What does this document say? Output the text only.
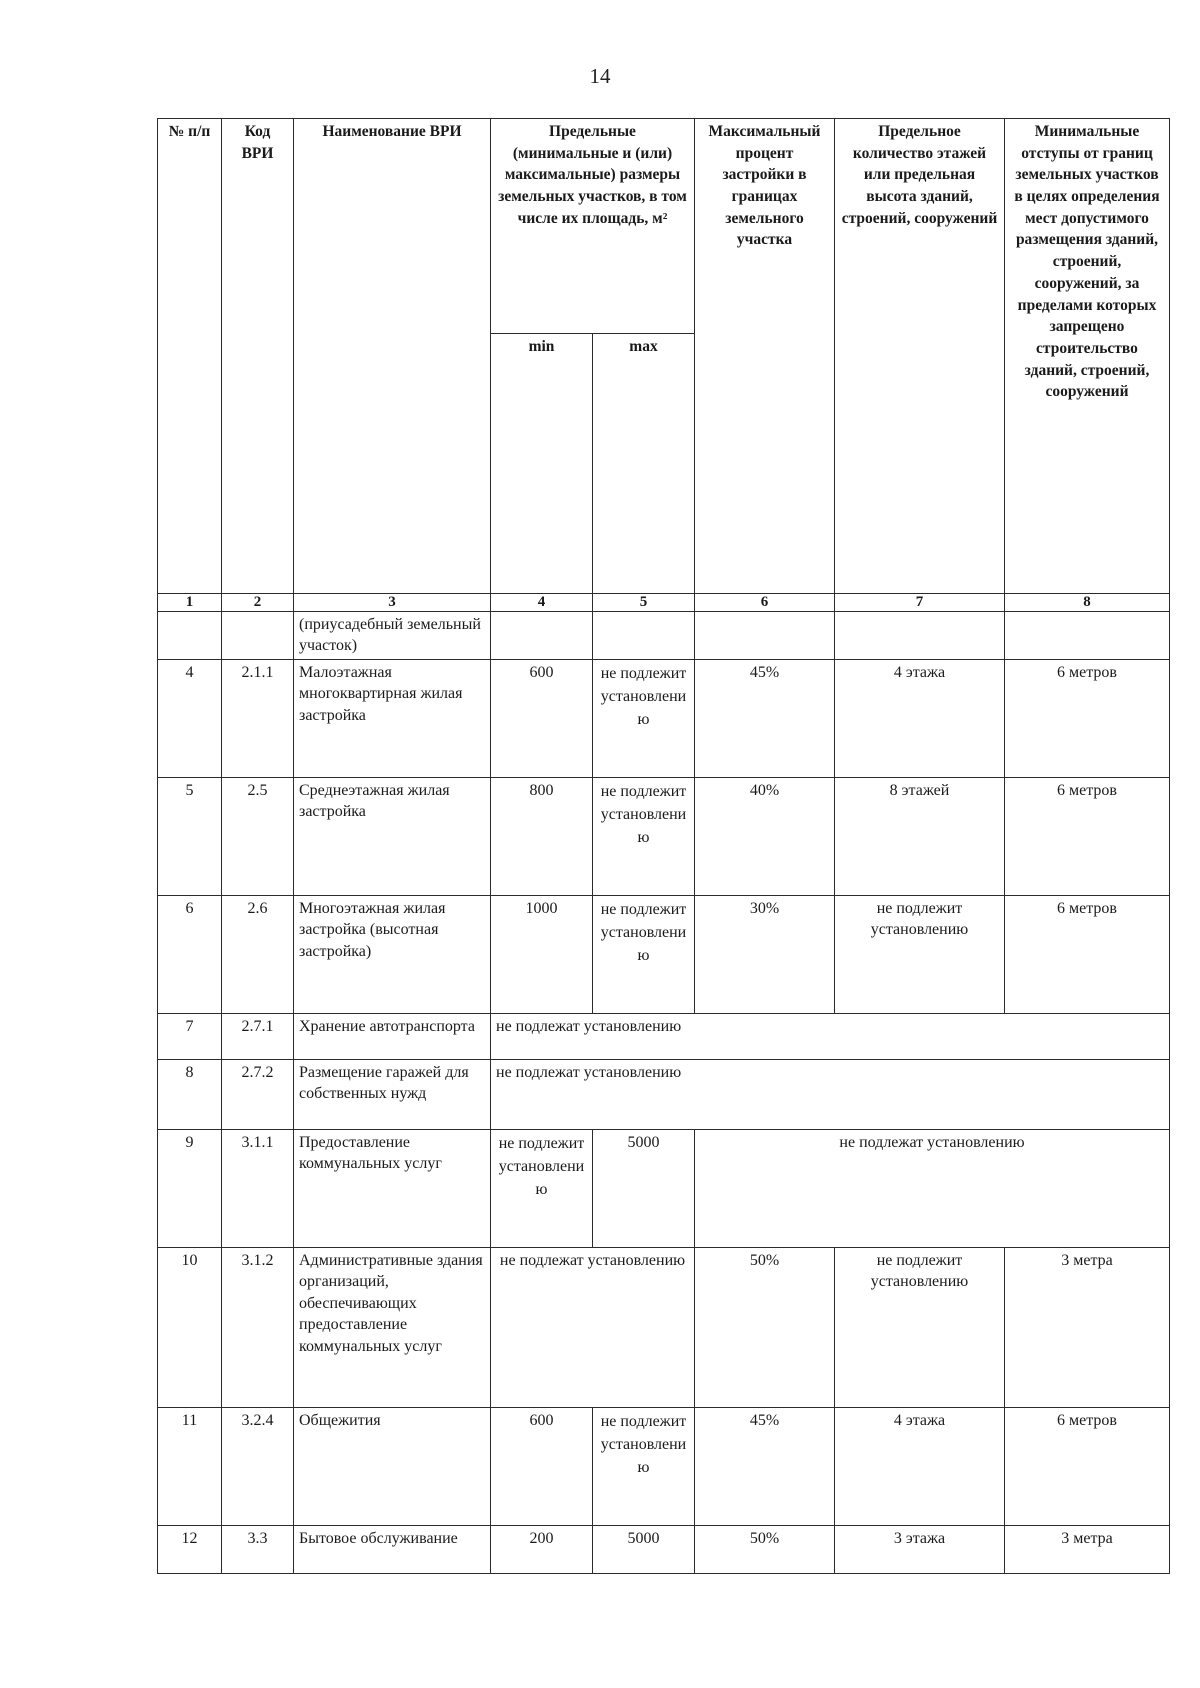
14
№ п/п	Код ВРИ	Наименование ВРИ	Предельные (минимальные и (или) максимальные) размеры земельных участков, в том числе их площадь, м²		Максимальный процент застройки в границах земельного участка	Предельное количество этажей или предельная высота зданий, строений, сооружений	Минимальные отступы от границ земельных участков в целях определения мест допустимого размещения зданий, строений, сооружений, за пределами которых запрещено строительство зданий, строений, сооружений
			min	max			
1	2	3	4	5	6	7	8
		(приусадебный земельный участок)					
4	2.1.1	Малоэтажная многоквартирная жилая застройка	600	не подлежит установлению	45%	4 этажа	6 метров
5	2.5	Среднеэтажная жилая застройка	800	не подлежит установлению	40%	8 этажей	6 метров
6	2.6	Многоэтажная жилая застройка (высотная застройка)	1000	не подлежит установлению	30%	не подлежит установлению	6 метров
7	2.7.1	Хранение автотранспорта	не подлежат установлению				
8	2.7.2	Размещение гаражей для собственных нужд	не подлежат установлению				
9	3.1.1	Предоставление коммунальных услуг	не подлежит установлению	5000	не подлежат установлению		
10	3.1.2	Административные здания организаций, обеспечивающих предоставление коммунальных услуг	не подлежат установлению		50%	не подлежит установлению	3 метра
11	3.2.4	Общежития	600	не подлежит установлению	45%	4 этажа	6 метров
12	3.3	Бытовое обслуживание	200	5000	50%	3 этажа	3 метра
